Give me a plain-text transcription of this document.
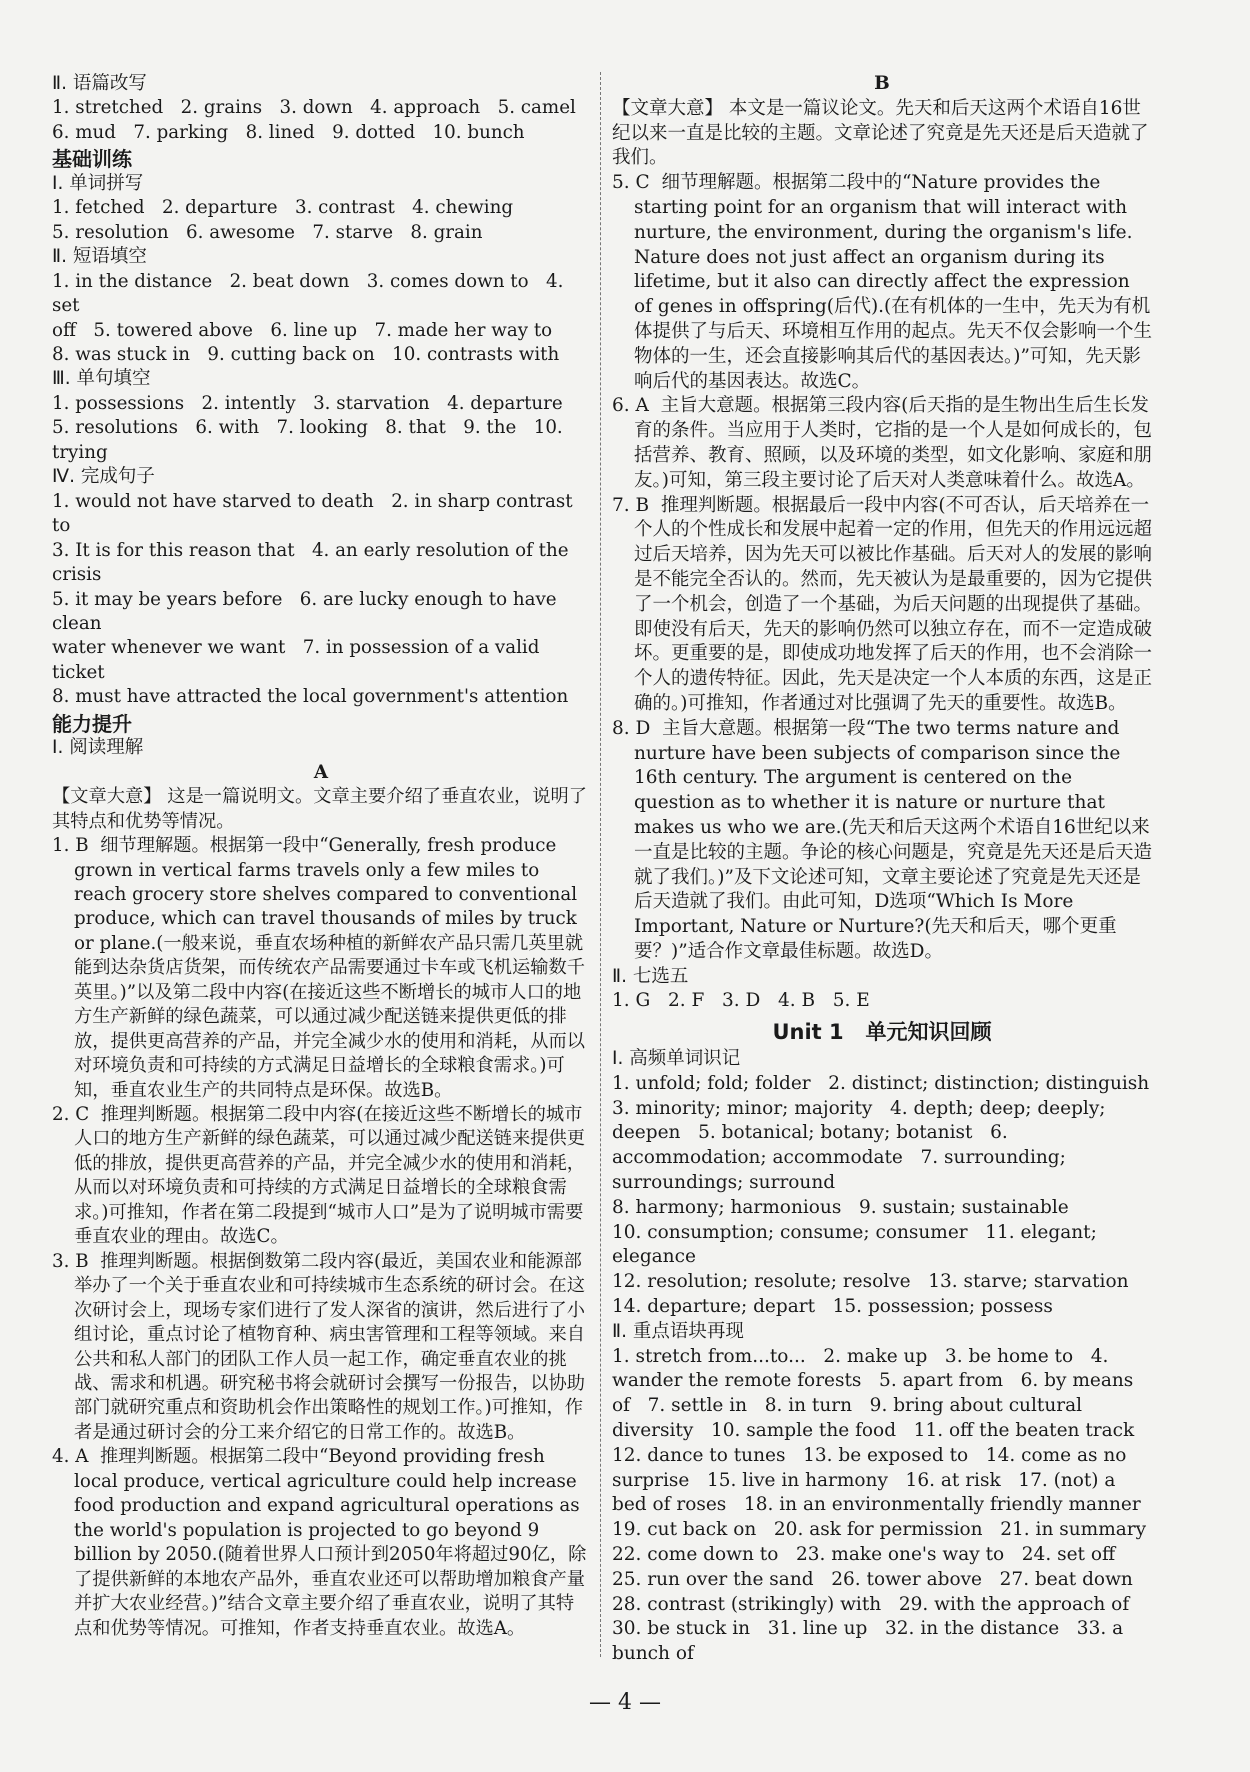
Ⅱ. 语篇改写
1. stretched   2. grains   3. down   4. approach   5. camel
6. mud   7. parking   8. lined   9. dotted   10. bunch
基础训练
Ⅰ. 单词拼写
1. fetched   2. departure   3. contrast   4. chewing
5. resolution   6. awesome   7. starve   8. grain
Ⅱ. 短语填空
1. in the distance   2. beat down   3. comes down to   4. set
off   5. towered above   6. line up   7. made her way to
8. was stuck in   9. cutting back on   10. contrasts with
Ⅲ. 单句填空
1. possessions   2. intently   3. starvation   4. departure
5. resolutions   6. with   7. looking   8. that   9. the   10. trying
Ⅳ. 完成句子
1. would not have starved to death   2. in sharp contrast to
3. It is for this reason that   4. an early resolution of the crisis
5. it may be years before   6. are lucky enough to have clean
water whenever we want   7. in possession of a valid ticket
8. must have attracted the local government's attention
能力提升
Ⅰ. 阅读理解
A
【文章大意】 这是一篇说明文。文章主要介绍了垂直农业，说明了其特点和优势等情况。
1. B  细节理解题。根据第一段中“Generally, fresh produce grown in vertical farms travels only a few miles to reach grocery store shelves compared to conventional produce, which can travel thousands of miles by truck or plane.(一般来说，垂直农场种植的新鲜农产品只需几英里就能到达杂货店货架，而传统农产品需要通过卡车或飞机运输数千英里。)”以及第二段中内容(在接近这些不断增长的城市人口的地方生产新鲜的绿色蔬菜，可以通过减少配送链来提供更低的排放，提供更高营养的产品，并完全减少水的使用和消耗，从而以对环境负责和可持续的方式满足日益增长的全球粮食需求。)可知，垂直农业生产的共同特点是环保。故选B。
2. C  推理判断题。根据第二段中内容(在接近这些不断增长的城市人口的地方生产新鲜的绿色蔬菜，可以通过减少配送链来提供更低的排放，提供更高营养的产品，并完全减少水的使用和消耗，从而以对环境负责和可持续的方式满足日益增长的全球粮食需求。)可推知，作者在第二段提到“城市人口”是为了说明城市需要垂直农业的理由。故选C。
3. B  推理判断题。根据倒数第二段内容(最近，美国农业和能源部举办了一个关于垂直农业和可持续城市生态系统的研讨会。在这次研讨会上，现场专家们进行了发人深省的演讲，然后进行了小组讨论，重点讨论了植物育种、病虫害管理和工程等领域。来自公共和私人部门的团队工作人员一起工作，确定垂直农业的挑战、需求和机遇。研究秘书将会就研讨会撰写一份报告，以协助部门就研究重点和资助机会作出策略性的规划工作。)可推知，作者是通过研讨会的分工来介绍它的日常工作的。故选B。
4. A  推理判断题。根据第二段中“Beyond providing fresh local produce, vertical agriculture could help increase food production and expand agricultural operations as the world's population is projected to go beyond 9 billion by 2050.(随着世界人口预计到2050年将超过90亿，除了提供新鲜的本地农产品外，垂直农业还可以帮助增加粮食产量并扩大农业经营。)”结合文章主要介绍了垂直农业，说明了其特点和优势等情况。可推知，作者支持垂直农业。故选A。
B
【文章大意】 本文是一篇议论文。先天和后天这两个术语自16世纪以来一直是比较的主题。文章论述了究竟是先天还是后天造就了我们。
5. C  细节理解题。根据第二段中的“Nature provides the starting point for an organism that will interact with nurture, the environment, during the organism's life. Nature does not just affect an organism during its lifetime, but it also can directly affect the expression of genes in offspring(后代).(在有机体的一生中，先天为有机体提供了与后天、环境相互作用的起点。先天不仅会影响一个生物体的一生，还会直接影响其后代的基因表达。)”可知，先天影响后代的基因表达。故选C。
6. A  主旨大意题。根据第三段内容(后天指的是生物出生后生长发育的条件。当应用于人类时，它指的是一个人是如何成长的，包括营养、教育、照顾，以及环境的类型，如文化影响、家庭和朋友。)可知，第三段主要讨论了后天对人类意味着什么。故选A。
7. B  推理判断题。根据最后一段中内容(不可否认，后天培养在一个人的个性成长和发展中起着一定的作用，但先天的作用远远超过后天培养，因为先天可以被比作基础。后天对人的发展的影响是不能完全否认的。然而，先天被认为是最重要的，因为它提供了一个机会，创造了一个基础，为后天问题的出现提供了基础。即使没有后天，先天的影响仍然可以独立存在，而不一定造成破坏。更重要的是，即使成功地发挥了后天的作用，也不会消除一个人的遗传特征。因此，先天是决定一个人本质的东西，这是正确的。)可推知，作者通过对比强调了先天的重要性。故选B。
8. D  主旨大意题。根据第一段“The two terms nature and nurture have been subjects of comparison since the 16th century. The argument is centered on the question as to whether it is nature or nurture that makes us who we are.(先天和后天这两个术语自16世纪以来一直是比较的主题。争论的核心问题是，究竟是先天还是后天造就了我们。)”及下文论述可知，文章主要论述了究竟是先天还是后天造就了我们。由此可知，D选项“Which Is More Important, Nature or Nurture?(先天和后天，哪个更重要？)”适合作文章最佳标题。故选D。
Ⅱ. 七选五
1. G   2. F   3. D   4. B   5. E
Unit 1   单元知识回顾
Ⅰ. 高频单词识记
1. unfold; fold; folder   2. distinct; distinction; distinguish   3. minority; minor; majority   4. depth; deep; deeply; deepen   5. botanical; botany; botanist   6. accommodation; accommodate   7. surrounding; surroundings; surround
8. harmony; harmonious   9. sustain; sustainable
10. consumption; consume; consumer   11. elegant; elegance
12. resolution; resolute; resolve   13. starve; starvation
14. departure; depart   15. possession; possess
Ⅱ. 重点语块再现
1. stretch from...to...   2. make up   3. be home to   4. wander the remote forests   5. apart from   6. by means of   7. settle in   8. in turn   9. bring about cultural diversity   10. sample the food   11. off the beaten track   12. dance to tunes   13. be exposed to   14. come as no surprise   15. live in harmony   16. at risk   17. (not) a bed of roses   18. in an environmentally friendly manner   19. cut back on   20. ask for permission   21. in summary   22. come down to   23. make one's way to   24. set off   25. run over the sand   26. tower above   27. beat down   28. contrast (strikingly) with   29. with the approach of   30. be stuck in   31. line up   32. in the distance   33. a bunch of
— 4 —
